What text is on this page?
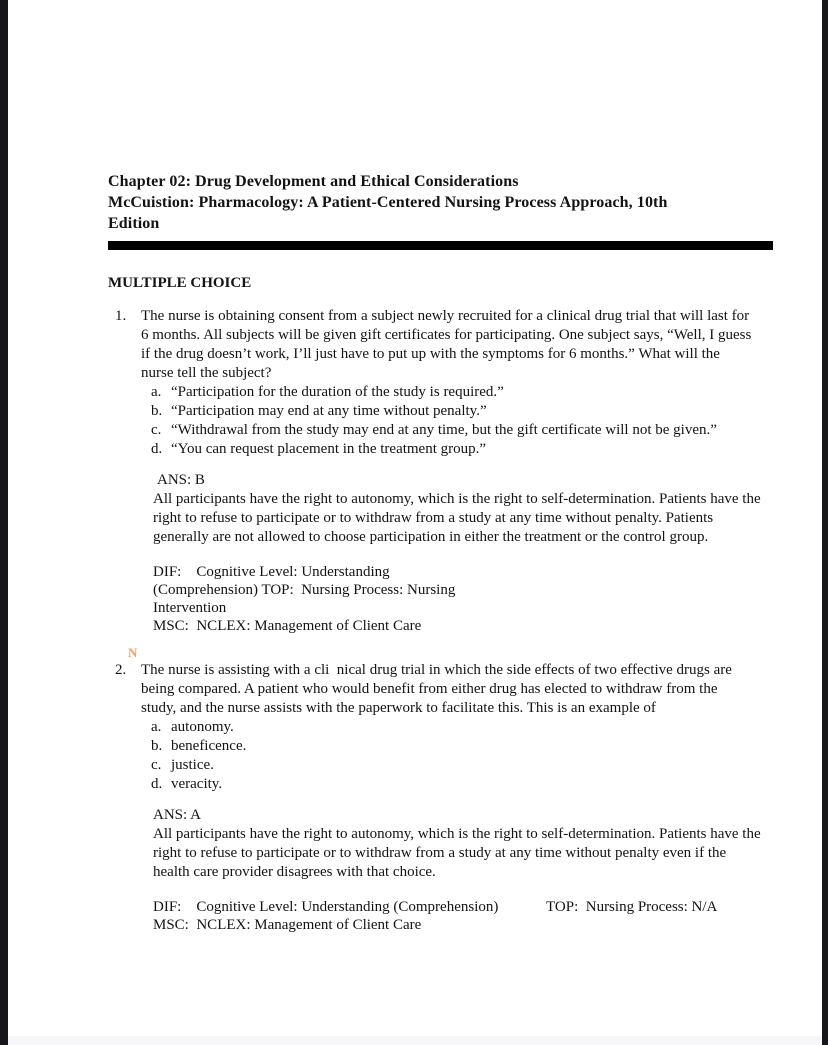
Chapter 02: Drug Development and Ethical Considerations
McCuistion: Pharmacology: A Patient-Centered Nursing Process Approach, 10th
Edition
MULTIPLE CHOICE
1. The nurse is obtaining consent from a subject newly recruited for a clinical drug trial that will last for 6 months. All subjects will be given gift certificates for participating. One subject says, “Well, I guess if the drug doesn’t work, I’ll just have to put up with the symptoms for 6 months.” What will the nurse tell the subject?
a. “Participation for the duration of the study is required.”
b. “Participation may end at any time without penalty.”
c. “Withdrawal from the study may end at any time, but the gift certificate will not be given.”
d. “You can request placement in the treatment group.”
ANS: B
All participants have the right to autonomy, which is the right to self-determination. Patients have the right to refuse to participate or to withdraw from a study at any time without penalty. Patients generally are not allowed to choose participation in either the treatment or the control group.
DIF:    Cognitive Level: Understanding
(Comprehension) TOP:  Nursing Process: Nursing
Intervention
MSC:  NCLEX: Management of Client Care
N
2. The nurse is assisting with a cli  nical drug trial in which the side effects of two effective drugs are being compared. A patient who would benefit from either drug has elected to withdraw from the study, and the nurse assists with the paperwork to facilitate this. This is an example of
a. autonomy.
b. beneficence.
c. justice.
d. veracity.
ANS: A
All participants have the right to autonomy, which is the right to self-determination. Patients have the right to refuse to participate or to withdraw from a study at any time without penalty even if the health care provider disagrees with that choice.
DIF:    Cognitive Level: Understanding (Comprehension)	TOP:  Nursing Process: N/A
MSC:  NCLEX: Management of Client Care
